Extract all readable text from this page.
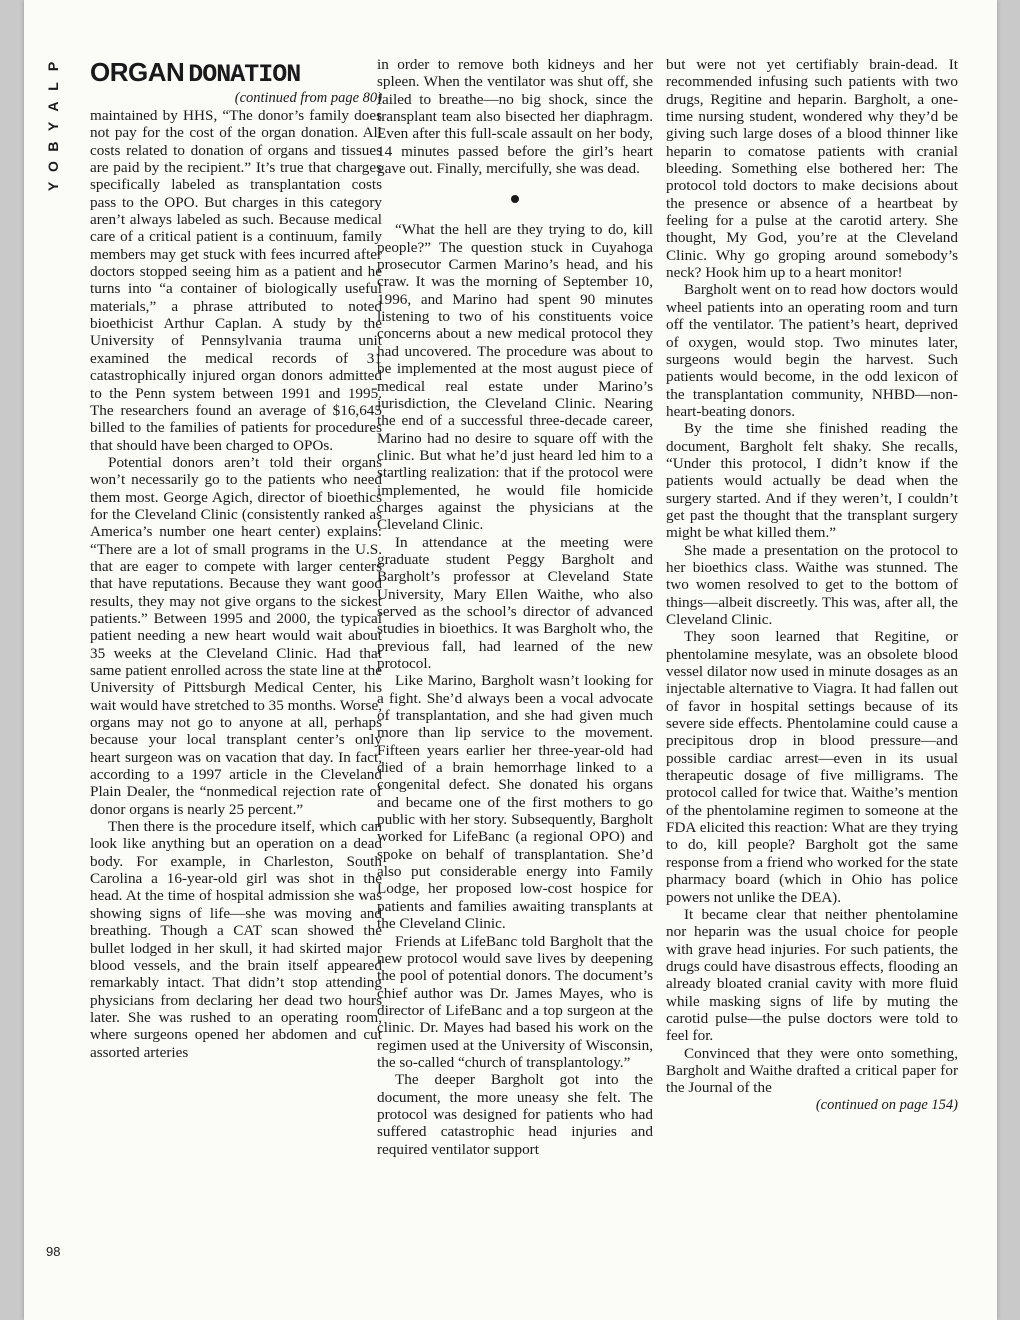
P
L
A
Y
B
O
Y
98
ORGAN DONATION

(continued from page 80)

maintained by HHS, “The donor’s family does not pay for the cost of the organ donation. All costs related to donation of organs and tissues are paid by the recipient.” It’s true that charges specifically labeled as transplantation costs pass to the OPO. But charges in this category aren’t always labeled as such. Because medical care of a critical patient is a continuum, family members may get stuck with fees incurred after doctors stopped seeing him as a patient and he turns into “a container of biologically useful materials,” a phrase attributed to noted bioethicist Arthur Caplan. A study by the University of Pennsylvania trauma unit examined the medical records of 31 catastrophically injured organ donors admitted to the Penn system between 1991 and 1995. The researchers found an average of $16,645 billed to the families of patients for procedures that should have been charged to OPOs.

Potential donors aren’t told their organs won’t necessarily go to the patients who need them most. George Agich, director of bioethics for the Cleveland Clinic (consistently ranked as America’s number one heart center) explains: “There are a lot of small programs in the U.S. that are eager to compete with larger centers that have reputations. Because they want good results, they may not give organs to the sickest patients.” Between 1995 and 2000, the typical patient needing a new heart would wait about 35 weeks at the Cleveland Clinic. Had that same patient enrolled across the state line at the University of Pittsburgh Medical Center, his wait would have stretched to 35 months. Worse, organs may not go to anyone at all, perhaps because your local transplant center’s only heart surgeon was on vacation that day. In fact, according to a 1997 article in the Cleveland Plain Dealer, the “nonmedical rejection rate of donor organs is nearly 25 percent.”

Then there is the procedure itself, which can look like anything but an operation on a dead body. For example, in Charleston, South Carolina a 16-year-old girl was shot in the head. At the time of hospital admission she was showing signs of life—she was moving and breathing. Though a CAT scan showed the bullet lodged in her skull, it had skirted major blood vessels, and the brain itself appeared remarkably intact. That didn’t stop attending physicians from declaring her dead two hours later. She was rushed to an operating room, where surgeons opened her abdomen and cut assorted arteries

in order to remove both kidneys and her spleen. When the ventilator was shut off, she failed to breathe—no big shock, since the transplant team also bisected her diaphragm. Even after this full-scale assault on her body, 14 minutes passed before the girl’s heart gave out. Finally, mercifully, she was dead.

“What the hell are they trying to do, kill people?” The question stuck in Cuyahoga prosecutor Carmen Marino’s head, and his craw. It was the morning of September 10, 1996, and Marino had spent 90 minutes listening to two of his constituents voice concerns about a new medical protocol they had uncovered. The procedure was about to be implemented at the most august piece of medical real estate under Marino’s jurisdiction, the Cleveland Clinic. Nearing the end of a successful three-decade career, Marino had no desire to square off with the clinic. But what he’d just heard led him to a startling realization: that if the protocol were implemented, he would file homicide charges against the physicians at the Cleveland Clinic.

In attendance at the meeting were graduate student Peggy Bargholt and Bargholt’s professor at Cleveland State University, Mary Ellen Waithe, who also served as the school’s director of advanced studies in bioethics. It was Bargholt who, the previous fall, had learned of the new protocol.

Like Marino, Bargholt wasn’t looking for a fight. She’d always been a vocal advocate of transplantation, and she had given much more than lip service to the movement. Fifteen years earlier her three-year-old had died of a brain hemorrhage linked to a congenital defect. She donated his organs and became one of the first mothers to go public with her story. Subsequently, Bargholt worked for LifeBanc (a regional OPO) and spoke on behalf of transplantation. She’d also put considerable energy into Family Lodge, her proposed low-cost hospice for patients and families awaiting transplants at the Cleveland Clinic.

Friends at LifeBanc told Bargholt that the new protocol would save lives by deepening the pool of potential donors. The document’s chief author was Dr. James Mayes, who is director of LifeBanc and a top surgeon at the clinic. Dr. Mayes had based his work on the regimen used at the University of Wisconsin, the so-called “church of transplantology.”

The deeper Bargholt got into the document, the more uneasy she felt. The protocol was designed for patients who had suffered catastrophic head injuries and required ventilator support

but were not yet certifiably brain-dead. It recommended infusing such patients with two drugs, Regitine and heparin. Bargholt, a one-time nursing student, wondered why they’d be giving such large doses of a blood thinner like heparin to comatose patients with cranial bleeding. Something else bothered her: The protocol told doctors to make decisions about the presence or absence of a heartbeat by feeling for a pulse at the carotid artery. She thought, My God, you’re at the Cleveland Clinic. Why go groping around somebody’s neck? Hook him up to a heart monitor!

Bargholt went on to read how doctors would wheel patients into an operating room and turn off the ventilator. The patient’s heart, deprived of oxygen, would stop. Two minutes later, surgeons would begin the harvest. Such patients would become, in the odd lexicon of the transplantation community, NHBD—non-heart-beating donors.

By the time she finished reading the document, Bargholt felt shaky. She recalls, “Under this protocol, I didn’t know if the patients would actually be dead when the surgery started. And if they weren’t, I couldn’t get past the thought that the transplant surgery might be what killed them.”

She made a presentation on the protocol to her bioethics class. Waithe was stunned. The two women resolved to get to the bottom of things—albeit discreetly. This was, after all, the Cleveland Clinic.

They soon learned that Regitine, or phentolamine mesylate, was an obsolete blood vessel dilator now used in minute dosages as an injectable alternative to Viagra. It had fallen out of favor in hospital settings because of its severe side effects. Phentolamine could cause a precipitous drop in blood pressure—and possible cardiac arrest—even in its usual therapeutic dosage of five milligrams. The protocol called for twice that. Waithe’s mention of the phentolamine regimen to someone at the FDA elicited this reaction: What are they trying to do, kill people? Bargholt got the same response from a friend who worked for the state pharmacy board (which in Ohio has police powers not unlike the DEA).

It became clear that neither phentolamine nor heparin was the usual choice for people with grave head injuries. For such patients, the drugs could have disastrous effects, flooding an already bloated cranial cavity with more fluid while masking signs of life by muting the carotid pulse—the pulse doctors were told to feel for.

Convinced that they were onto something, Bargholt and Waithe drafted a critical paper for the Journal of the

(continued on page 154)
